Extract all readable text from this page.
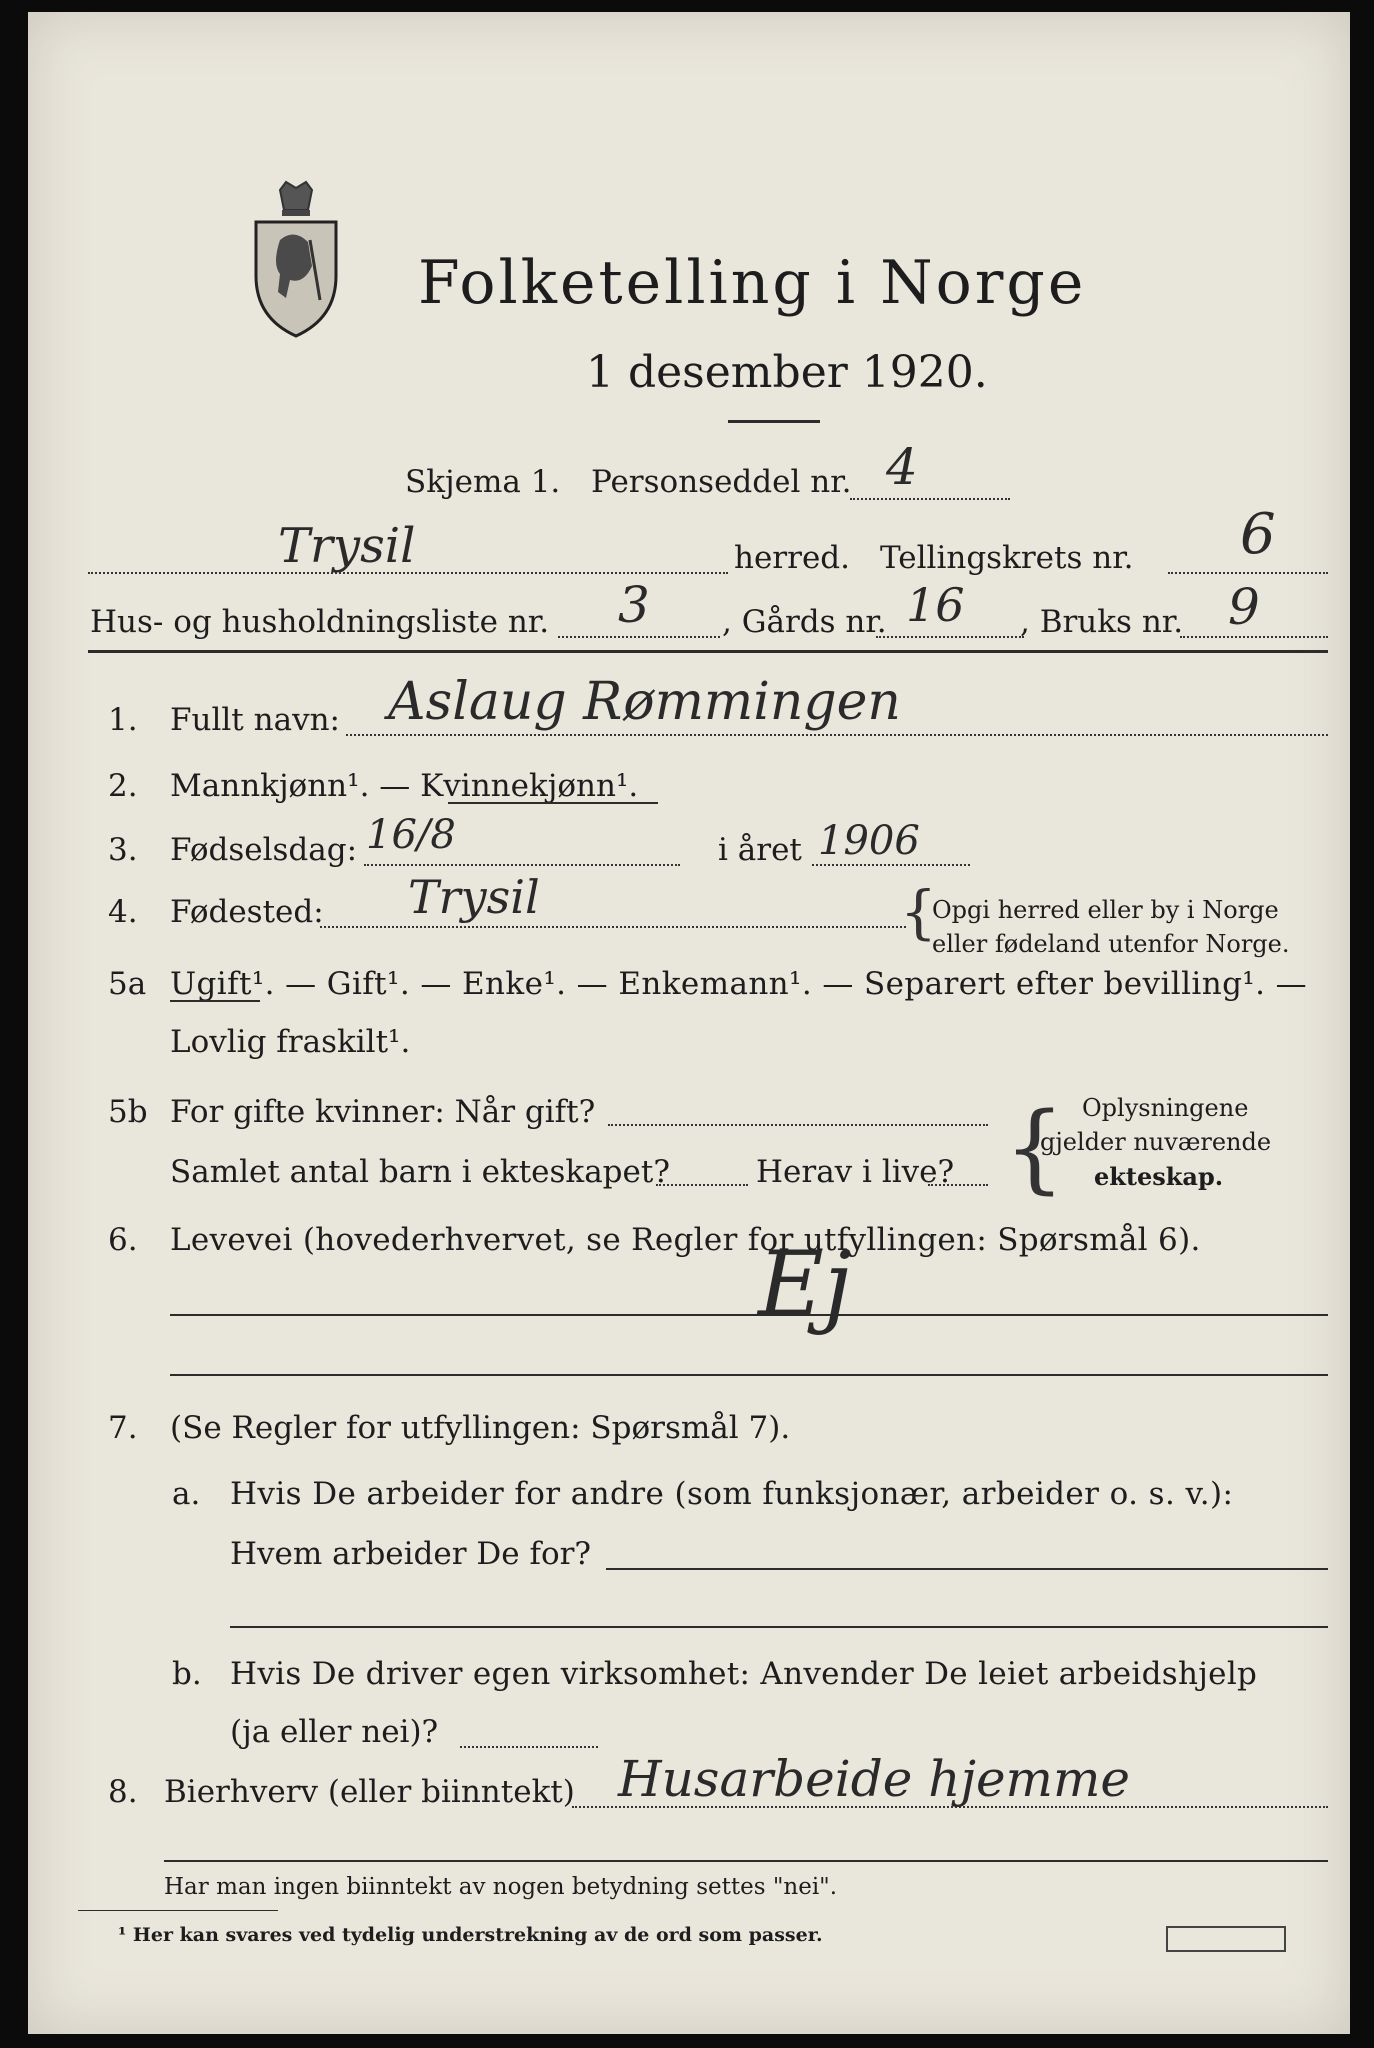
Folketelling i Norge
1 desember 1920.
Skjema 1. Personseddel nr. 4
Trysil	herred. Tellingskrets nr. 6
Hus- og husholdningsliste nr. 3 , Gårds nr. 16 , Bruks nr. 9
1. Fullt navn: Aslaug Rømmingen
2. Mannkjønn¹. — Kvinnekjønn¹.
3. Fødselsdag: 16/8	i året 1906
4. Fødested: Trysil	{
Opgi herred eller by i Norge
eller fødeland utenfor Norge.
5a Ugift¹. — Gift¹. — Enke¹. — Enkemann¹. — Separert efter bevilling¹. —
Lovlig fraskilt¹.
5b For gifte kvinner: Når gift?
Samlet antal barn i ekteskapet?	Herav i live? { Oplysningene
gjelder nuværende
ekteskap.
6. Levevei (hovederhvervet, se Regler for utfyllingen: Spørsmål 6).
Ej
7. (Se Regler for utfyllingen: Spørsmål 7).
a. Hvis De arbeider for andre (som funksjonær, arbeider o. s. v.):
Hvem arbeider De for?
b. Hvis De driver egen virksomhet: Anvender De leiet arbeidshjelp
(ja eller nei)?
8. Bierhverv (eller biinntekt) Husarbeide hjemme
Har man ingen biinntekt av nogen betydning settes "nei".
¹ Her kan svares ved tydelig understrekning av de ord som passer.
